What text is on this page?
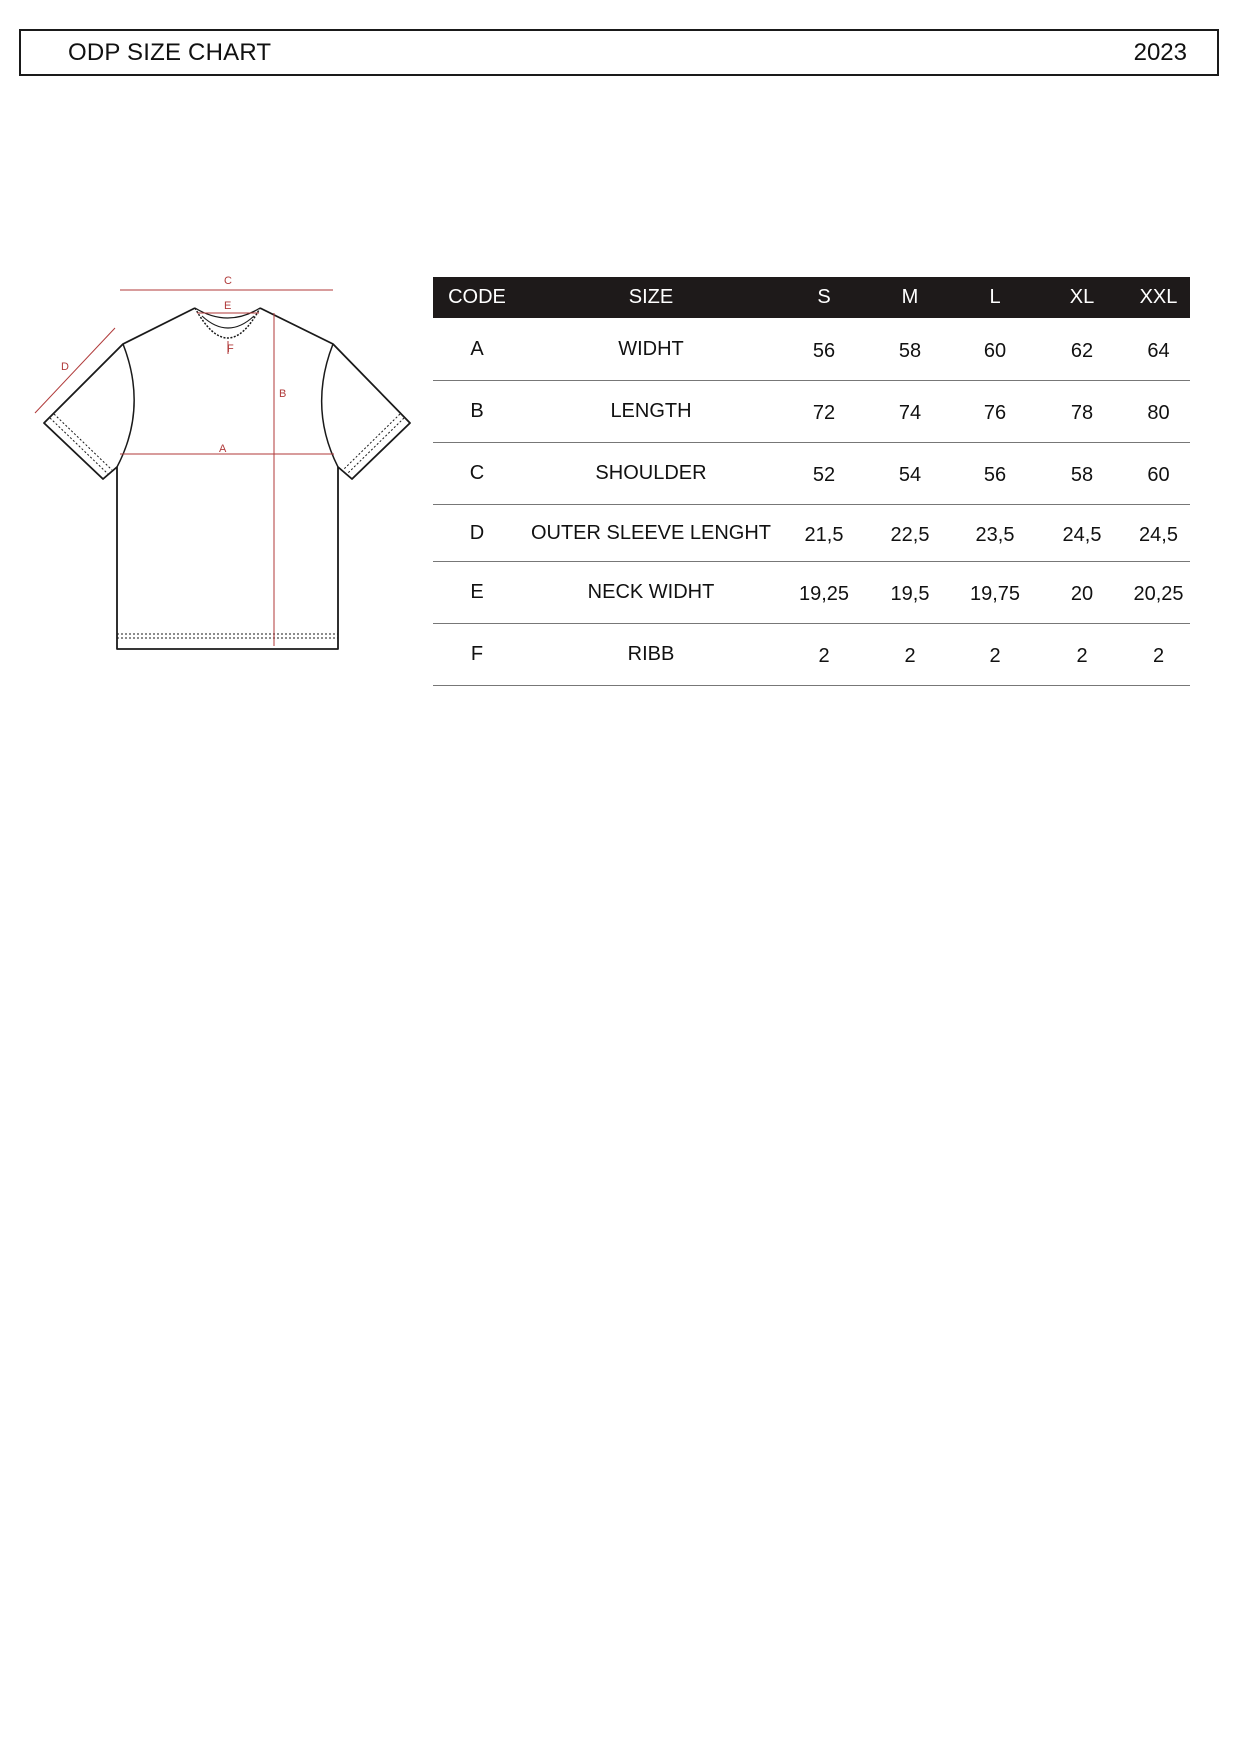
ODP SIZE CHART	2023
C
E
F
B
A
D
CODE	SIZE	S	M	L	XL	XXL
A	WIDHT	56	58	60	62	64
B	LENGTH	72	74	76	78	80
C	SHOULDER	52	54	56	58	60
D	OUTER SLEEVE LENGHT	21,5	22,5	23,5	24,5	24,5
E	NECK WIDHT	19,25	19,5	19,75	20	20,25
F	RIBB	2	2	2	2	2
